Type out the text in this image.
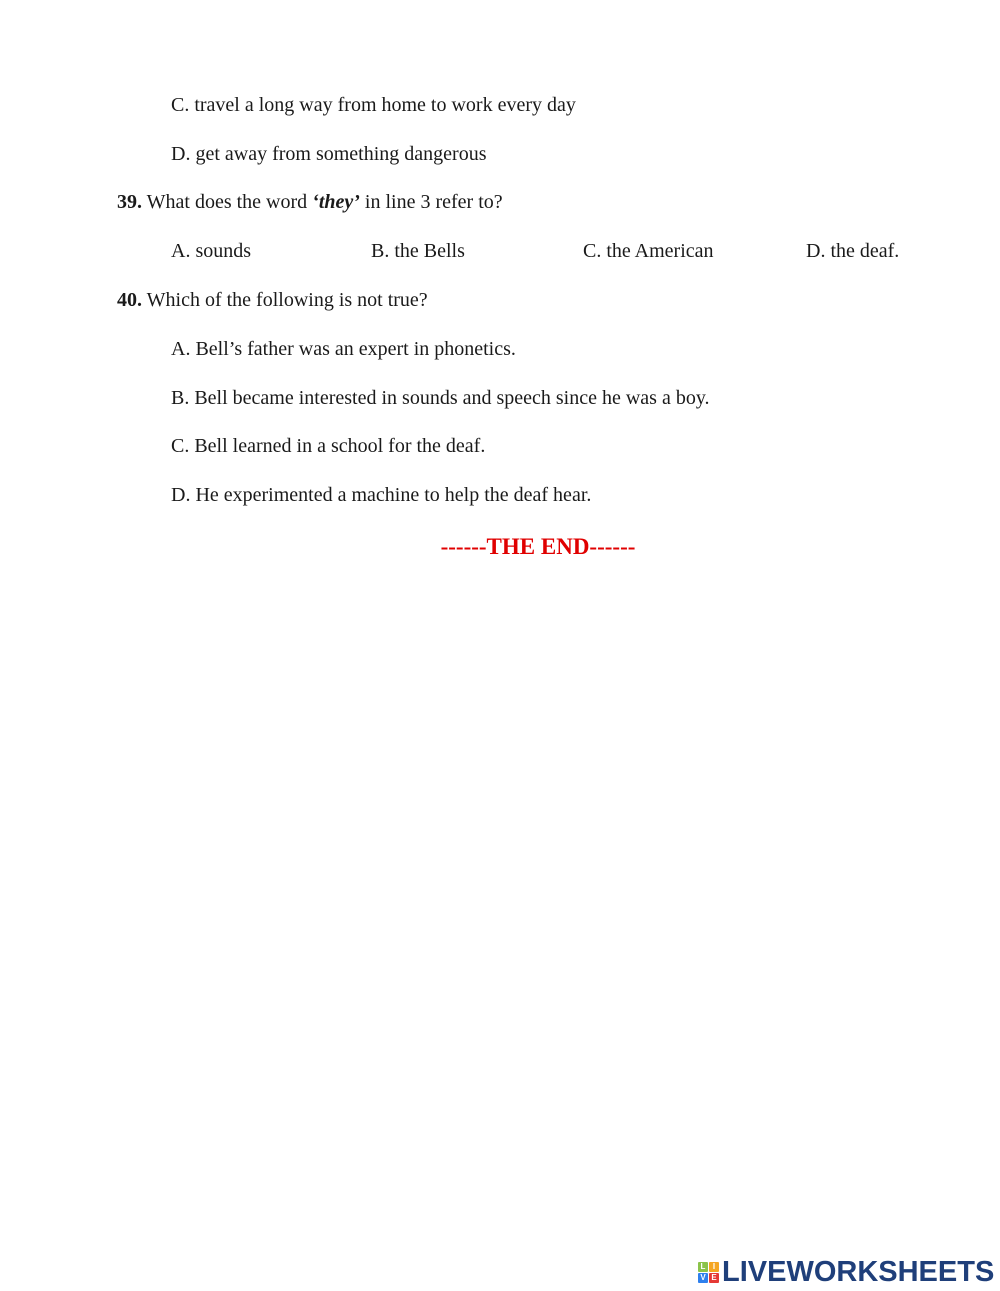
C. travel a long way from home to work every day
D. get away from something dangerous
39. What does the word ‘they’ in line 3 refer to?
A. sounds	B. the Bells	C. the American	D. the deaf.
40. Which of the following is not true?
A. Bell’s father was an expert in phonetics.
B. Bell became interested in sounds and speech since he was a boy.
C. Bell learned in a school for the deaf.
D. He experimented a machine to help the deaf hear.
------THE END------
L I
V E LIVEWORKSHEETS
